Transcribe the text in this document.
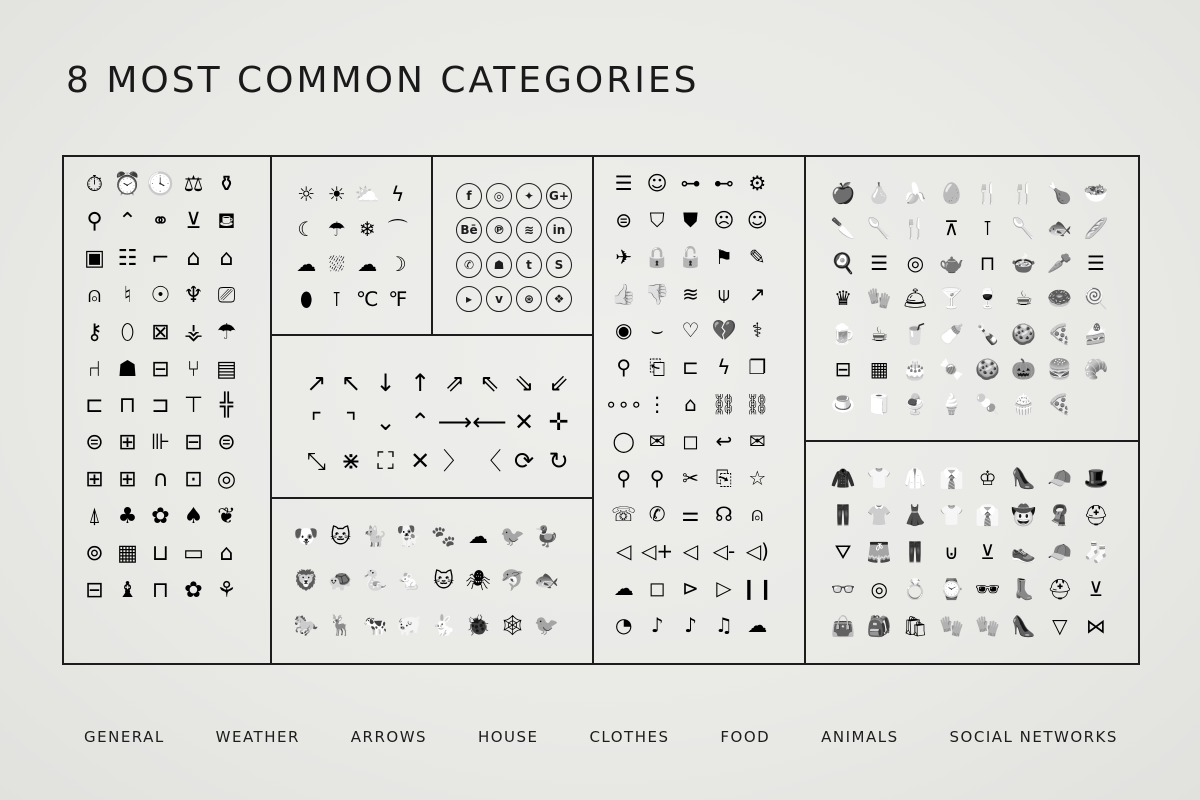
8 MOST COMMON CATEGORIES
⏱ ⏰ 🕓 ⚖ ⚱
⚲ ⌃ ⚭ ⊻ ⛾
▣ ☷ ⌐ ⌂ ⌂
⍝	♮ ☉ ♆ ⎚
⚷ ⬯ ⊠ ⚶ ☂
⑁ ☗ ⊟ ⑂ ▤
⊏ ⊓ ⊐ ⊤ ╬
⊜ ⊞ ⊪ ⊟ ⊜
⊞ ⊞ ∩ ⊡ ◎
⍋ ♣ ✿ ♠ ❦
⊚ ▦ ⊔ ▭ ⌂
⊟ ♝ ⊓ ✿ ⚘
☼ ☀ ⛅ ϟ
☾ ☂ ❄ ⌒
☁ ⛆ ☁ ☽
⬮ ⊺ ℃ ℉
f	◎	✦	G+
Bē	℗	≋	in
✆	☗	t	S
▸	v	⊛	❖
↗ ↖ ↓ ↑ ⇗ ⇖ ⇘ ⇙
⌜ ⌝ ⌄ ⌃ ⟶ ⟵ ✕ ✛
⤡ ⋇ ⛶ ✕ 〉 〈 ⟳ ↻
🐶 🐱 🐈 🐕 🐾 ☁ 🐦 🦆
🦁 🐢 🐍 🐁 🐱 🕷 🐬 🐟
🐎 🦌 🐄 🐖 🐇 🐞 🕸 🐦
☰ ☺ ⊶ ⊷ ⚙
⊜ ⛉ ⛊ ☹ ☺
✈ 🔒 🔓 ⚑ ✎
👍 👎 ≋ ⍦ ↗
◉ ⌣ ♡ 💔 ⚕
⚲ ⎗ ⊏ ϟ ❐
∘∘∘ ⋮ ⌂ ⛓ ⛓
◯ ✉ ◻ ↩ ✉
⚲ ⚲ ✂ ⎘ ☆
☏ ✆ ⚌ ☊ ⍝
◁ ◁+ ◁ ◁- ◁)
☁ ◻ ⊳ ▷ ❙❙
◔ ♪	♪ ♫ ☁
🍎 🍐 🍌 🥚 🍴 🍴 🍗 🥗
🔪 🥄 🍴 ⊼	⊺ 🥄 🐟 🥖
🍳 ☰ ◎ 🫖 ⊓ 🍲 🥕 ☰
♛ 🧤 🛎 🍸 🍷 ☕ 🍩 🍭
🍺 ☕ 🥤 🍼 🍾 🍪 🍕 🍰
⊟ ▦ 🎂 🍬 🍪 🎃 🍔 🥐
🍮 🧻 🍨 🍦 🍡 🧁 🍕
🧥 👕 🥼 👔 ♔ 👠 🧢 🎩
👖 👚 👗 👕 👔 🤠 🧣 ⛑
⛛ 🩳 👖 ⊍	⊻ 👟 🧢 🧦
👓 ◎ 💍 ⌚ 🕶 👢 ⛑ ⊻
👜 🎒 🛍 🧤 🧤 👠 ▽ ⋈
GENERAL	WEATHER	ARROWS	HOUSE	CLOTHES	FOOD	ANIMALS	SOCIAL NETWORKS
